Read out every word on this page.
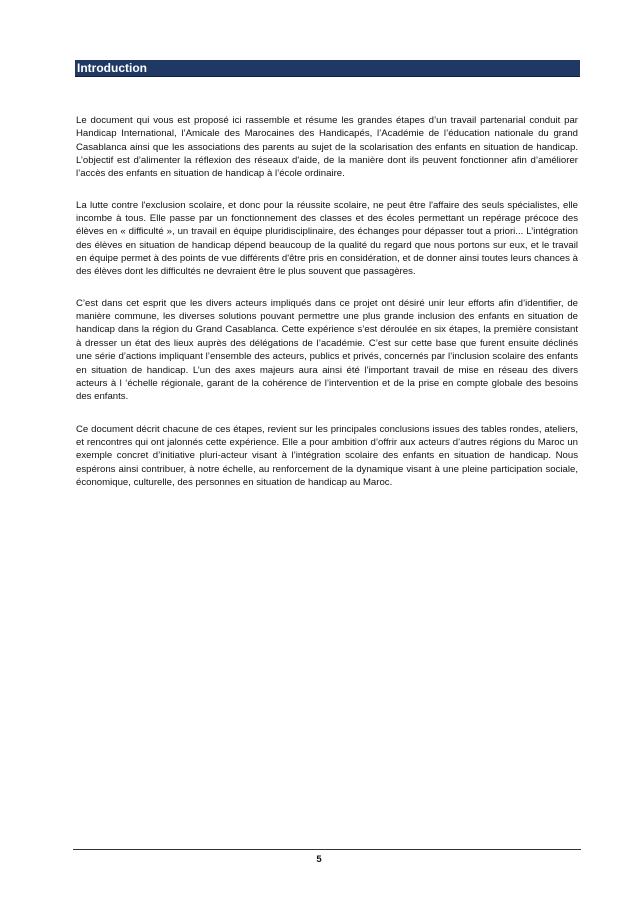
Introduction

Le document qui vous est proposé ici rassemble et résume les grandes étapes d’un travail partenarial conduit par Handicap International, l’Amicale des Marocaines des Handicapés, l’Académie de l’éducation nationale du grand Casablanca ainsi que les associations des parents au sujet de la scolarisation des enfants en situation de handicap. L’objectif est d’alimenter la réflexion des réseaux d'aide, de la manière dont ils peuvent fonctionner afin d’améliorer l’accès des enfants en situation de handicap à l’école ordinaire.

La lutte contre l'exclusion scolaire, et donc pour la réussite scolaire, ne peut être l'affaire des seuls spécialistes, elle incombe à tous. Elle passe par un fonctionnement des classes et des écoles permettant un repérage précoce des élèves en « difficulté », un travail en équipe pluridisciplinaire, des échanges pour dépasser tout a priori... L’intégration des élèves en situation de handicap dépend beaucoup de la qualité du regard que nous portons sur eux, et le travail en équipe permet à des points de vue différents d'être pris en considération, et de donner ainsi toutes leurs chances à des élèves dont les difficultés ne devraient être le plus souvent que passagères.

C’est dans cet esprit que les divers acteurs impliqués dans ce projet ont désiré unir leur efforts afin d’identifier, de manière commune, les diverses solutions pouvant permettre une plus grande inclusion des enfants en situation de handicap dans la région du Grand Casablanca. Cette expérience s’est déroulée en six étapes, la première consistant à dresser un état des lieux auprès des délégations de l’académie. C’est sur cette base que furent ensuite déclinés une série d’actions impliquant l’ensemble des acteurs, publics et privés, concernés par l’inclusion scolaire des enfants en situation de handicap. L’un des axes majeurs aura ainsi été l’important travail de mise en réseau des divers acteurs à l ‘échelle régionale, garant de la cohérence de l’intervention et de la prise en compte globale des besoins des enfants.

Ce document décrit chacune de ces étapes, revient sur les principales conclusions issues des tables rondes, ateliers, et rencontres qui ont jalonnés cette expérience. Elle a pour ambition d’offrir aux acteurs d’autres régions du Maroc un exemple concret d’initiative pluri-acteur visant à l’intégration scolaire des enfants en situation de handicap. Nous espérons ainsi contribuer, à notre échelle, au renforcement de la dynamique visant à une pleine participation sociale, économique, culturelle, des personnes en situation de handicap au Maroc.

5
